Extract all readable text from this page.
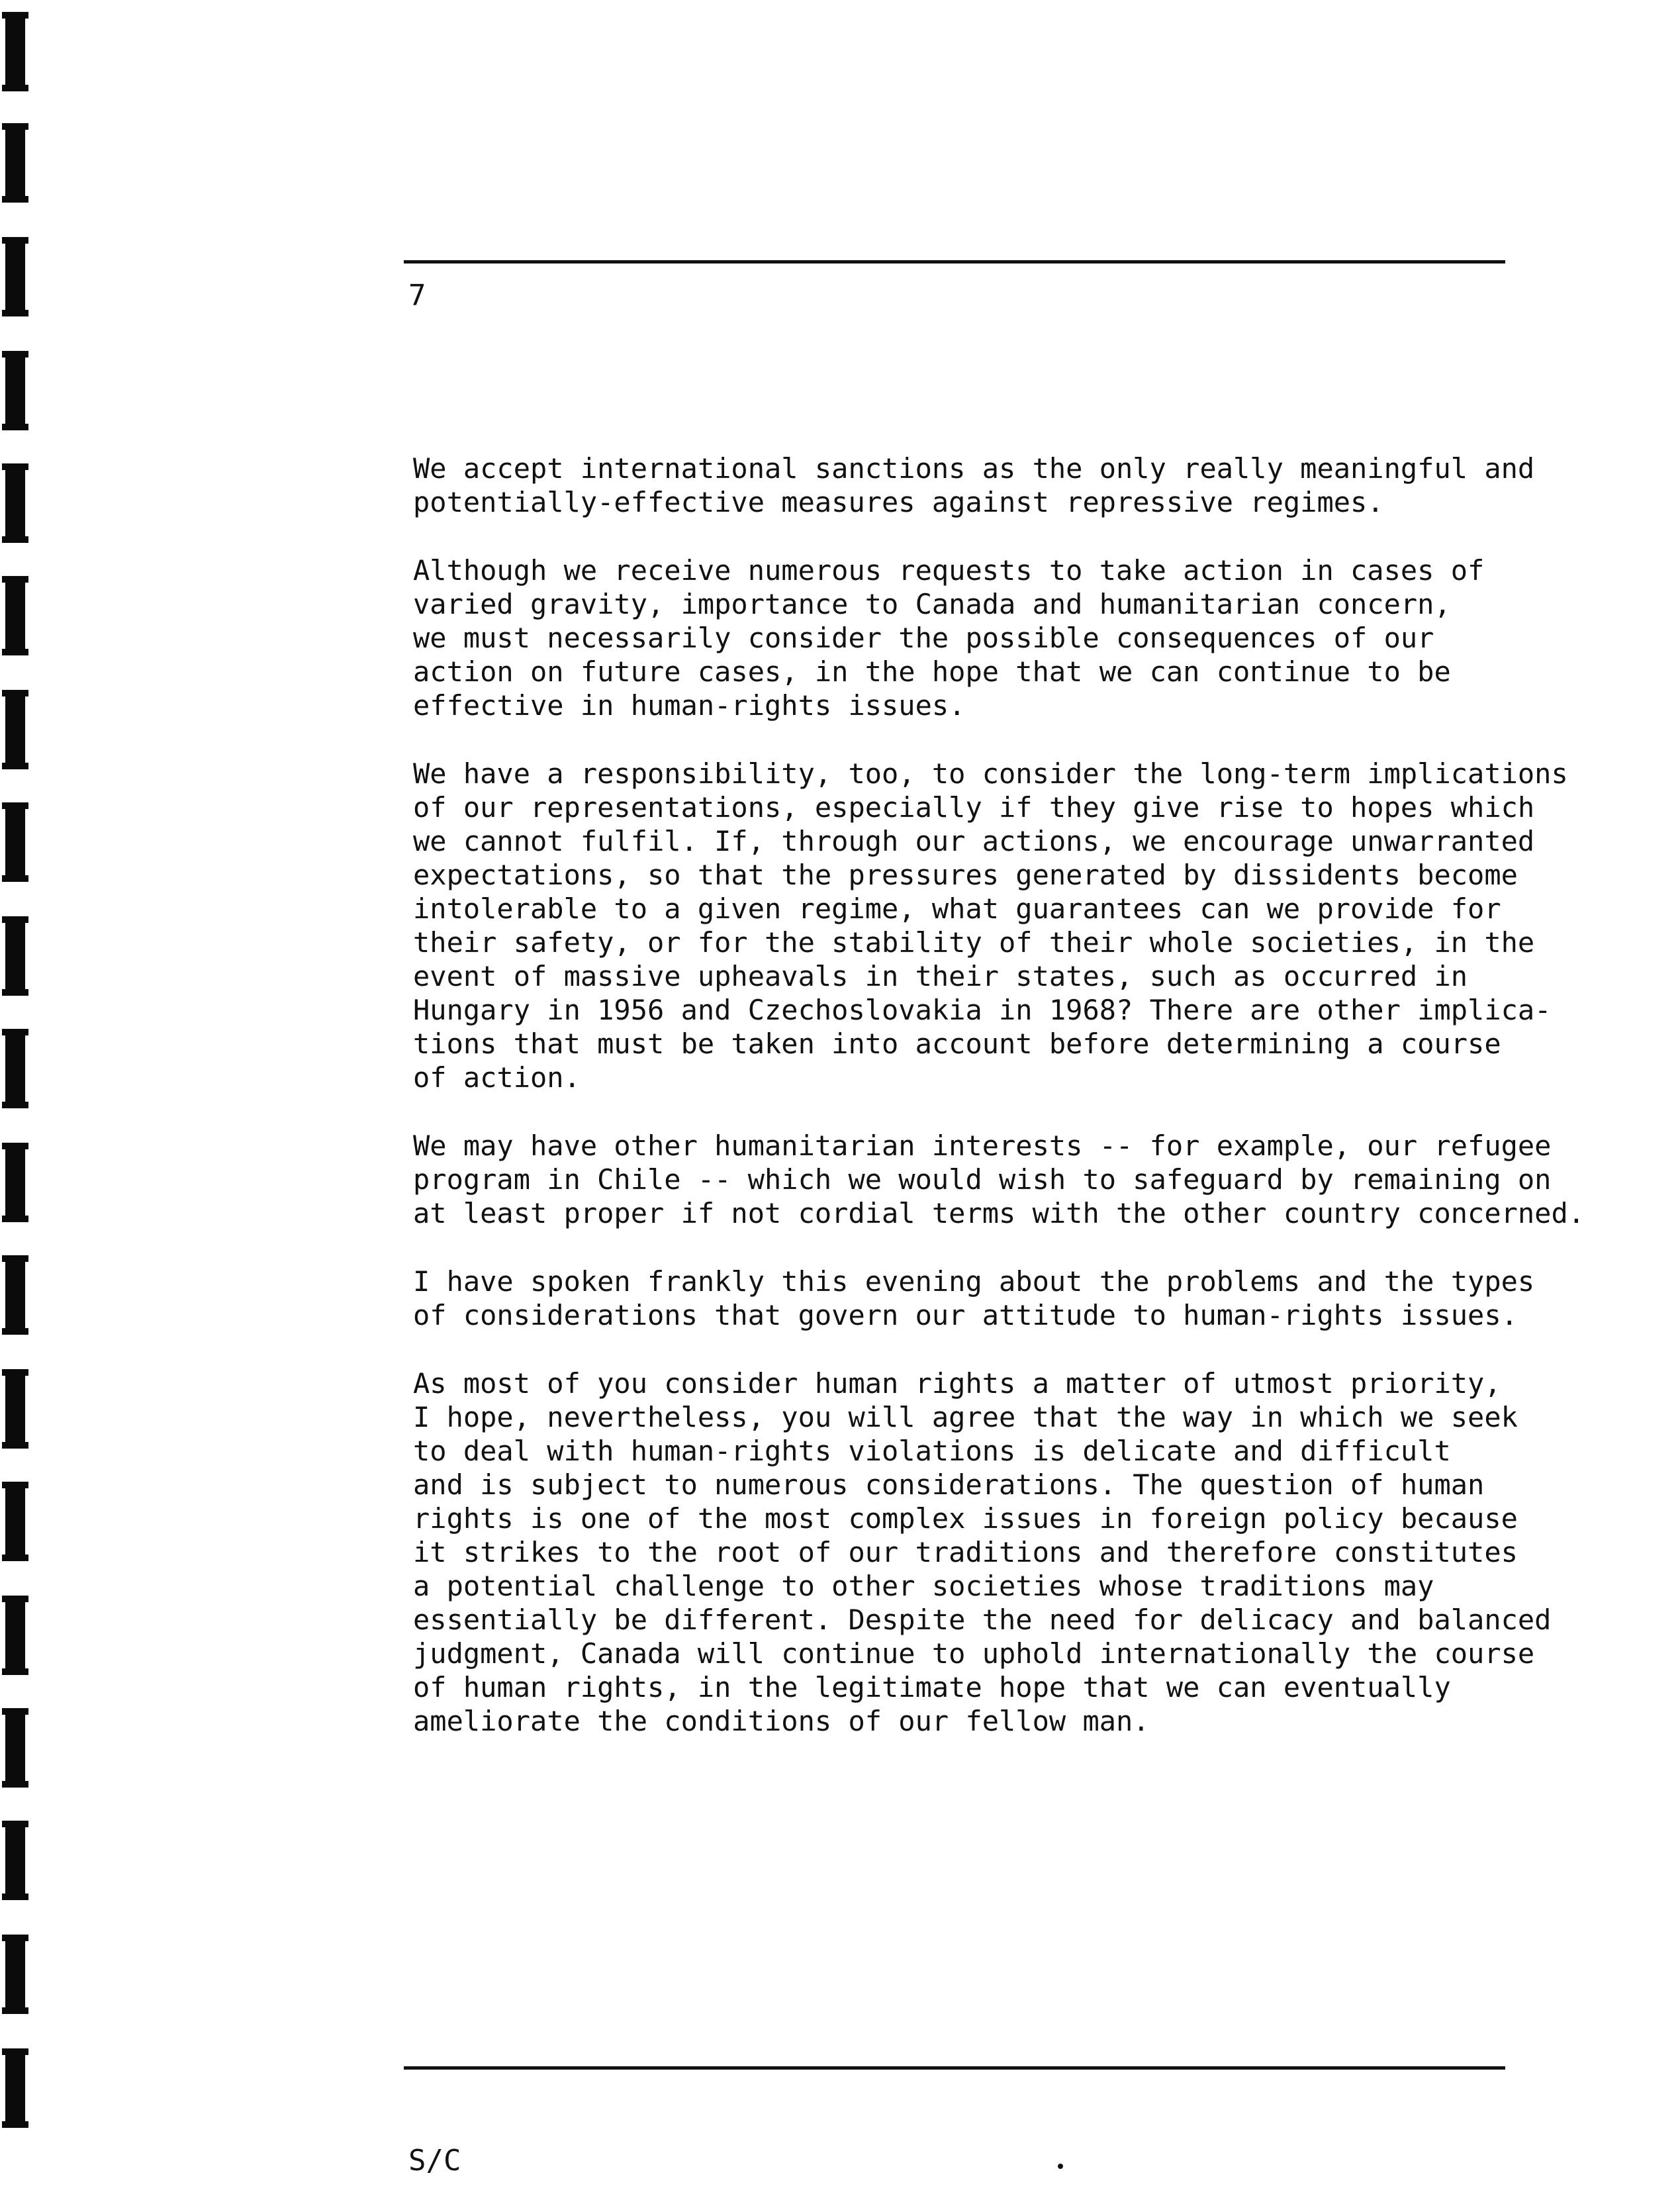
7

We accept international sanctions as the only really meaningful and
potentially-effective measures against repressive regimes.

Although we receive numerous requests to take action in cases of
varied gravity, importance to Canada and humanitarian concern,
we must necessarily consider the possible consequences of our
action on future cases, in the hope that we can continue to be
effective in human-rights issues.

We have a responsibility, too, to consider the long-term implications
of our representations, especially if they give rise to hopes which
we cannot fulfil. If, through our actions, we encourage unwarranted
expectations, so that the pressures generated by dissidents become
intolerable to a given regime, what guarantees can we provide for
their safety, or for the stability of their whole societies, in the
event of massive upheavals in their states, such as occurred in
Hungary in 1956 and Czechoslovakia in 1968? There are other implica-
tions that must be taken into account before determining a course
of action.

We may have other humanitarian interests -- for example, our refugee
program in Chile -- which we would wish to safeguard by remaining on
at least proper if not cordial terms with the other country concerned.

I have spoken frankly this evening about the problems and the types
of considerations that govern our attitude to human-rights issues.

As most of you consider human rights a matter of utmost priority,
I hope, nevertheless, you will agree that the way in which we seek
to deal with human-rights violations is delicate and difficult
and is subject to numerous considerations. The question of human
rights is one of the most complex issues in foreign policy because
it strikes to the root of our traditions and therefore constitutes
a potential challenge to other societies whose traditions may
essentially be different. Despite the need for delicacy and balanced
judgment, Canada will continue to uphold internationally the course
of human rights, in the legitimate hope that we can eventually
ameliorate the conditions of our fellow man.

S/C
